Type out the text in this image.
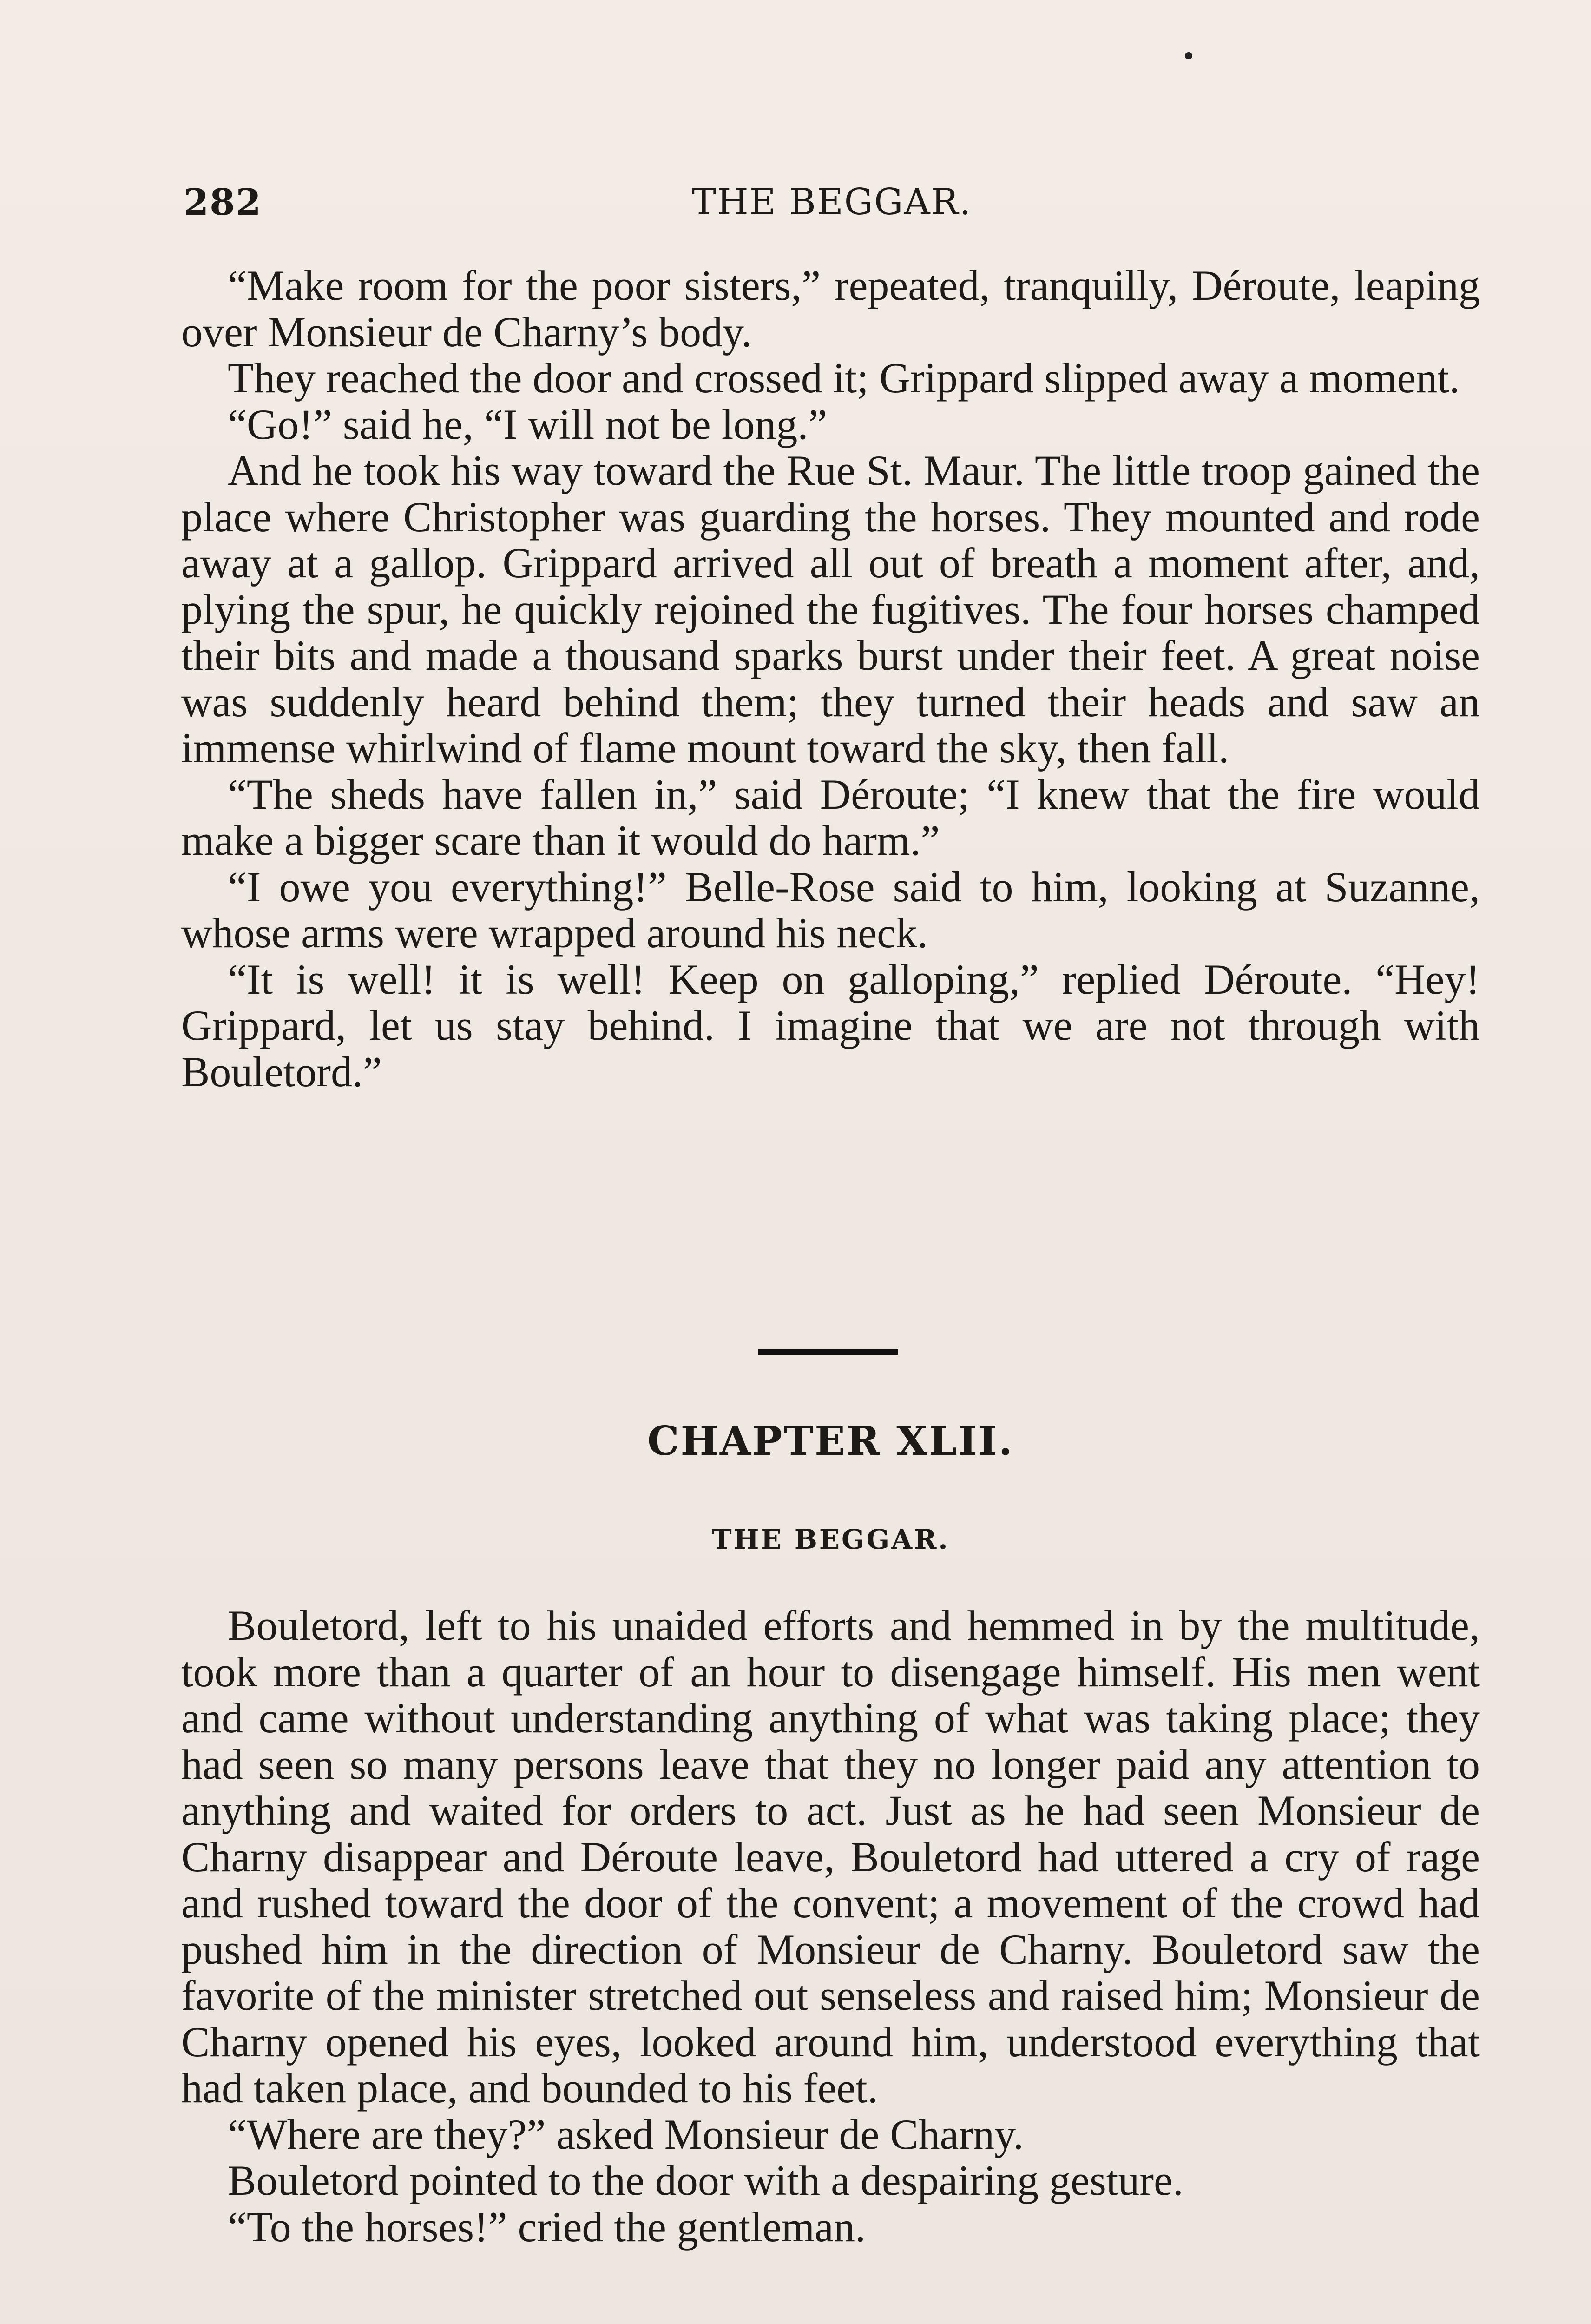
282	THE BEGGAR.

“Make room for the poor sisters,” repeated, tranquilly, Déroute, leaping over Monsieur de Charny’s body.

They reached the door and crossed it; Grippard slipped away a moment.

“Go!” said he, “I will not be long.”

And he took his way toward the Rue St. Maur. The little troop gained the place where Christopher was guarding the horses. They mounted and rode away at a gallop. Grippard arrived all out of breath a moment after, and, plying the spur, he quickly rejoined the fugitives. The four horses champed their bits and made a thousand sparks burst under their feet. A great noise was suddenly heard behind them; they turned their heads and saw an immense whirlwind of flame mount toward the sky, then fall.

“The sheds have fallen in,” said Déroute; “I knew that the fire would make a bigger scare than it would do harm.”

“I owe you everything!” Belle-Rose said to him, looking at Suzanne, whose arms were wrapped around his neck.

“It is well! it is well! Keep on galloping,” replied Déroute. “Hey! Grippard, let us stay behind. I imagine that we are not through with Bouletord.”

CHAPTER XLII.
THE BEGGAR.

Bouletord, left to his unaided efforts and hemmed in by the multitude, took more than a quarter of an hour to disengage himself. His men went and came without understanding anything of what was taking place; they had seen so many persons leave that they no longer paid any attention to anything and waited for orders to act. Just as he had seen Monsieur de Charny disappear and Déroute leave, Bouletord had uttered a cry of rage and rushed toward the door of the convent; a movement of the crowd had pushed him in the direction of Monsieur de Charny. Bouletord saw the favorite of the minister stretched out senseless and raised him; Monsieur de Charny opened his eyes, looked around him, understood everything that had taken place, and bounded to his feet.

“Where are they?” asked Monsieur de Charny.

Bouletord pointed to the door with a despairing gesture.

“To the horses!” cried the gentleman.
